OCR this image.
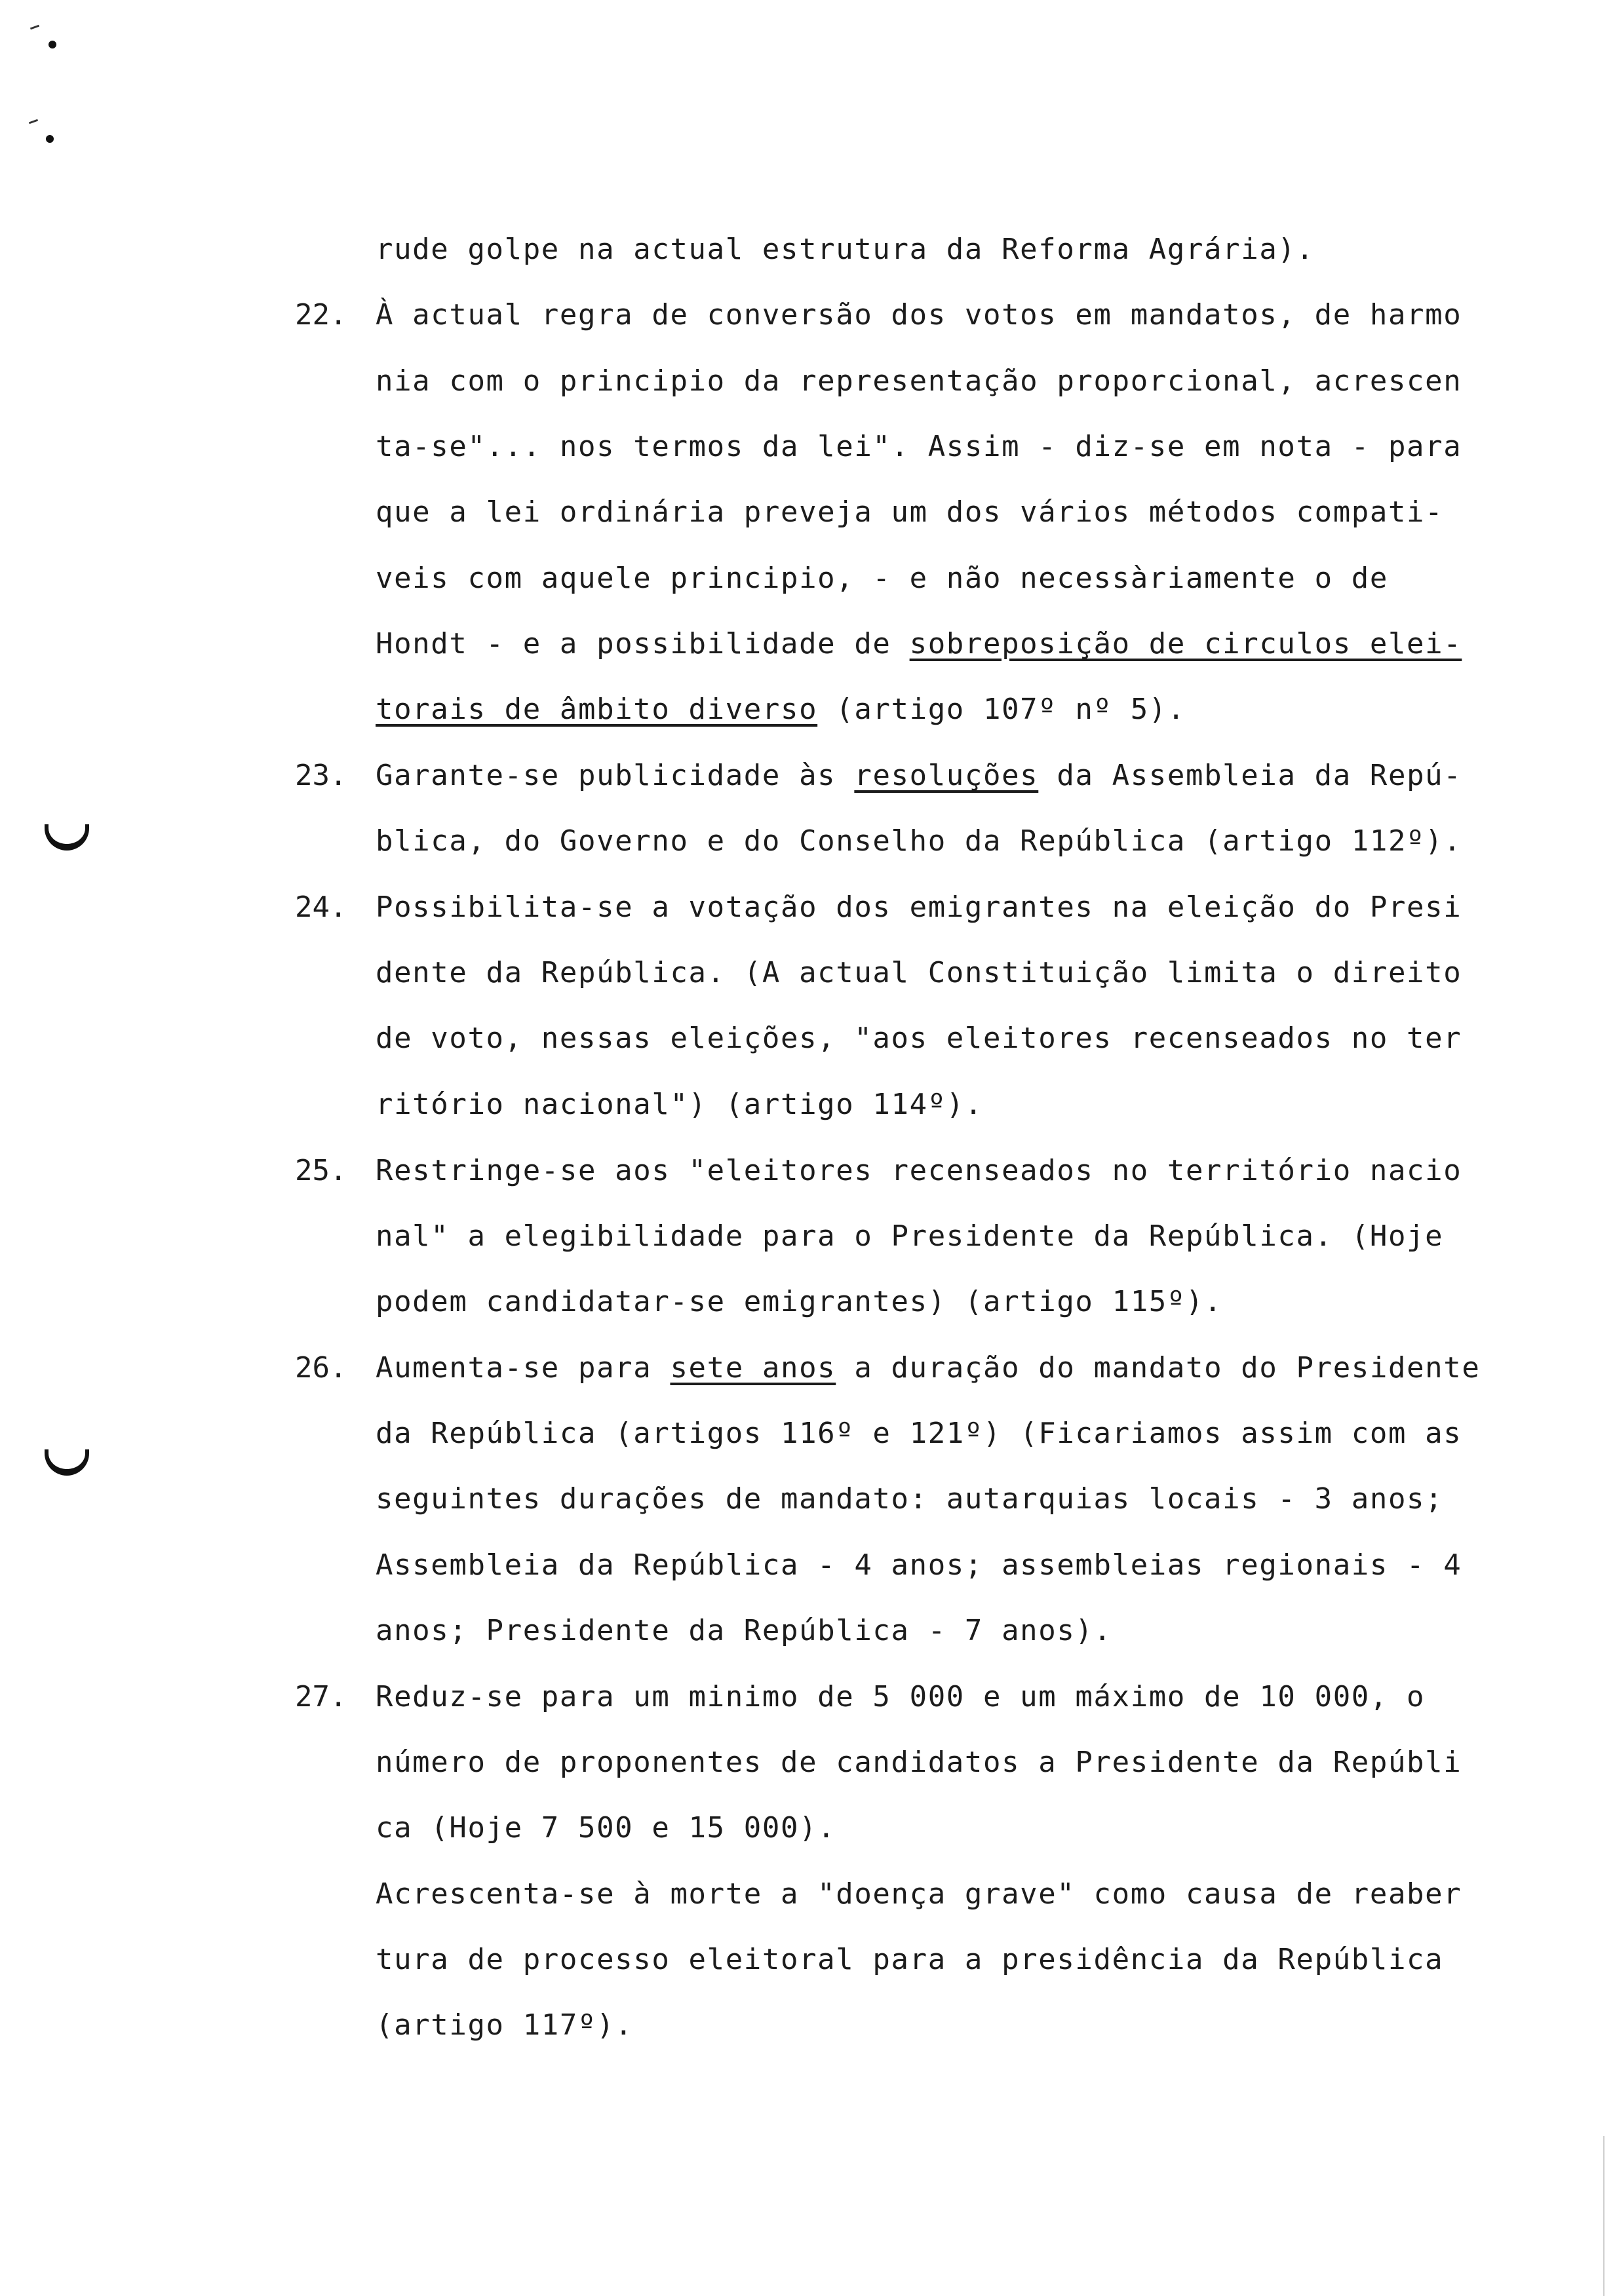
rude golpe na actual estrutura da Reforma Agrária).

22. À actual regra de conversão dos votos em mandatos, de harmo

nia com o principio da representação proporcional, acrescen

ta-se"... nos termos da lei". Assim - diz-se em nota - para

que a lei ordinária preveja um dos vários métodos compati-

veis com aquele principio, - e não necessàriamente o de

Hondt - e a possibilidade de sobreposição de circulos elei-

torais de âmbito diverso (artigo 107º nº 5).

23. Garante-se publicidade às resoluções da Assembleia da Repú-

blica, do Governo e do Conselho da República (artigo 112º).

24. Possibilita-se a votação dos emigrantes na eleição do Presi

dente da República. (A actual Constituição limita o direito

de voto, nessas eleições, "aos eleitores recenseados no ter

ritório nacional") (artigo 114º).

25. Restringe-se aos "eleitores recenseados no território nacio

nal" a elegibilidade para o Presidente da República. (Hoje

podem candidatar-se emigrantes) (artigo 115º).

26. Aumenta-se para sete anos a duração do mandato do Presidente

da República (artigos 116º e 121º) (Ficariamos assim com as

seguintes durações de mandato: autarquias locais - 3 anos;

Assembleia da República - 4 anos; assembleias regionais - 4

anos; Presidente da República - 7 anos).

27. Reduz-se para um minimo de 5 000 e um máximo de 10 000, o

número de proponentes de candidatos a Presidente da Repúbli

ca (Hoje 7 500 e 15 000).

Acrescenta-se à morte a "doença grave" como causa de reaber

tura de processo eleitoral para a presidência da República

(artigo 117º).
